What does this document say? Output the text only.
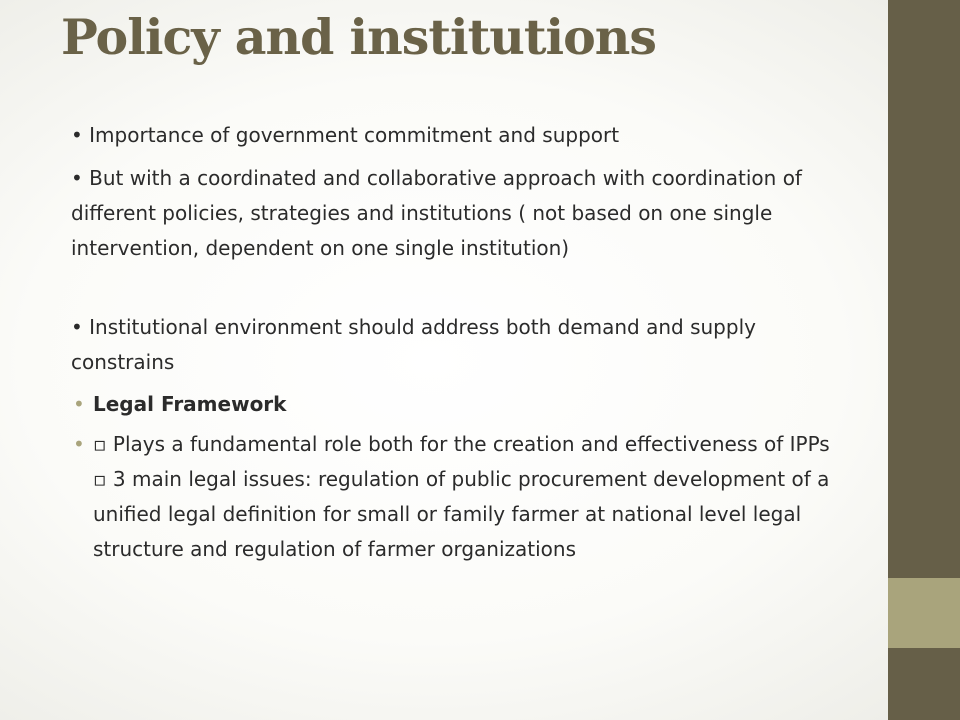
Policy and institutions

• Importance of government commitment and support

• But with a coordinated and collaborative approach with coordination of different policies, strategies and institutions ( not based on one single intervention, dependent on one single institution)

• Institutional environment should address both demand and supply constrains

• Legal Framework

• ▫ Plays a fundamental role both for the creation and effectiveness of IPPs ▫ 3 main legal issues: regulation of public procurement development of a unified legal definition for small or family farmer at national level legal structure and regulation of farmer organizations
